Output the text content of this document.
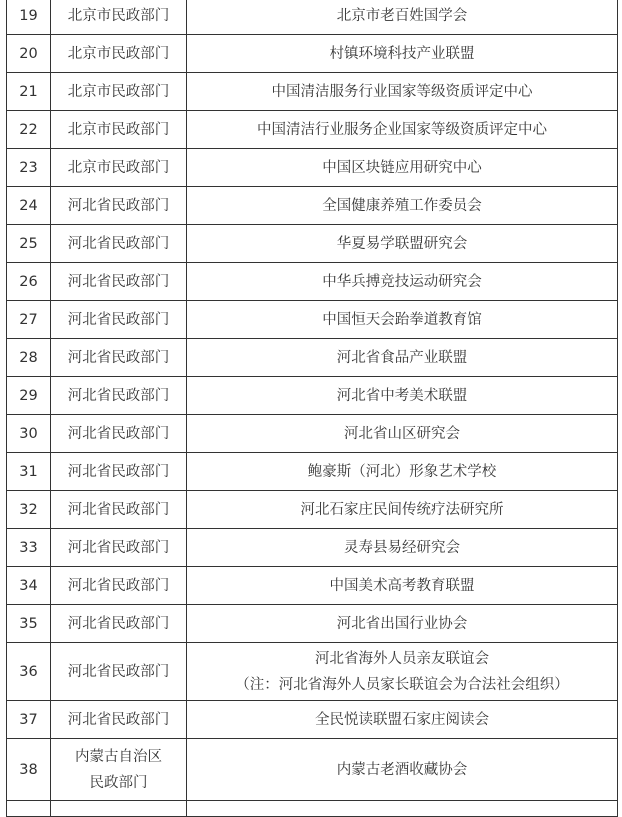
19	北京市民政部门	北京市老百姓国学会

20	北京市民政部门	村镇环境科技产业联盟

21	北京市民政部门	中国清洁服务行业国家等级资质评定中心

22	北京市民政部门	中国清洁行业服务企业国家等级资质评定中心

23	北京市民政部门	中国区块链应用研究中心

24	河北省民政部门	全国健康养殖工作委员会

25	河北省民政部门	华夏易学联盟研究会

26	河北省民政部门	中华兵搏竞技运动研究会

27	河北省民政部门	中国恒天会跆拳道教育馆

28	河北省民政部门	河北省食品产业联盟

29	河北省民政部门	河北省中考美术联盟

30	河北省民政部门	河北省山区研究会

31	河北省民政部门	鲍豪斯（河北）形象艺术学校

32	河北省民政部门	河北石家庄民间传统疗法研究所

33	河北省民政部门	灵寿县易经研究会

34	河北省民政部门	中国美术高考教育联盟

35	河北省民政部门	河北省出国行业协会

36	河北省民政部门	河北省海外人员亲友联谊会
（注：河北省海外人员家长联谊会为合法社会组织）

37	河北省民政部门	全民悦读联盟石家庄阅读会

38	内蒙古自治区
民政部门	内蒙古老酒收藏协会
